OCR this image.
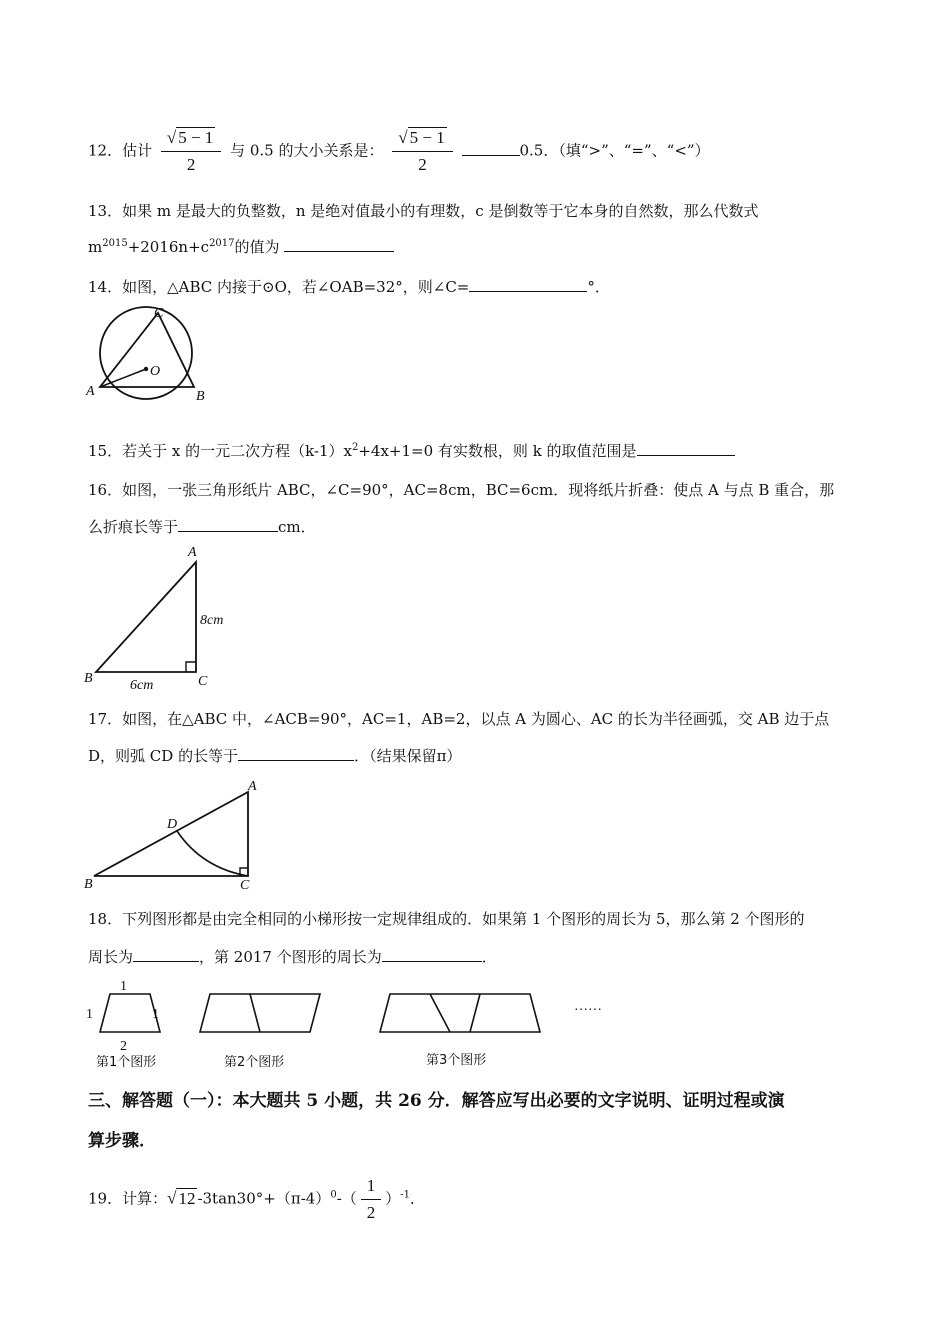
12．估计 $\frac{√ 5 - 1}{2}$ 与 0.5 的大小关系是： $\frac{√ 5 - 1}{2}$	0.5．（填“>”、“=”、“<”）
13．如果 m 是最大的负整数，n 是绝对值最小的有理数，c 是倒数等于它本身的自然数，那么代数式
$m^{2015}+2016n+c^{2017}$的值为
14．如图，△ABC 内接于⊙O，若∠OAB=32°，则∠C=	°．
A	B
C
O
15．若关于 x 的一元二次方程$(k-1)x^2+4x+1=0$ 有实数根，则 k 的取值范围是
16．如图，一张三角形纸片 ABC，∠C=90°，AC=8cm，BC=6cm．现将纸片折叠：使点 A 与点 B 重合，那
么折痕长等于	cm．
A
B	C
8cm
6cm
17．如图，在△ABC 中，∠ACB=90°，AC=1，AB=2，以点 A 为圆心、AC 的长为半径画弧，交 AB 边于点
D，则弧 CD 的长等于	．（结果保留π）
A
B	C
D
18．下列图形都是由完全相同的小梯形按一定规律组成的．如果第 1 个图形的周长为 5，那么第 2 个图形的
周长为	，第 2017 个图形的周长为	．
1
1	1
2
第1个图形	第2个图形	第3个图形
……
三、解答题（一）：本大题共 5 小题，共 26 分．解答应写出必要的文字说明、证明过程或演
算步骤．
19．计算：√ 12 $-3\tan 30^\circ+(\pi-4)^0-( \frac{1}{2} )^{-1}$．
